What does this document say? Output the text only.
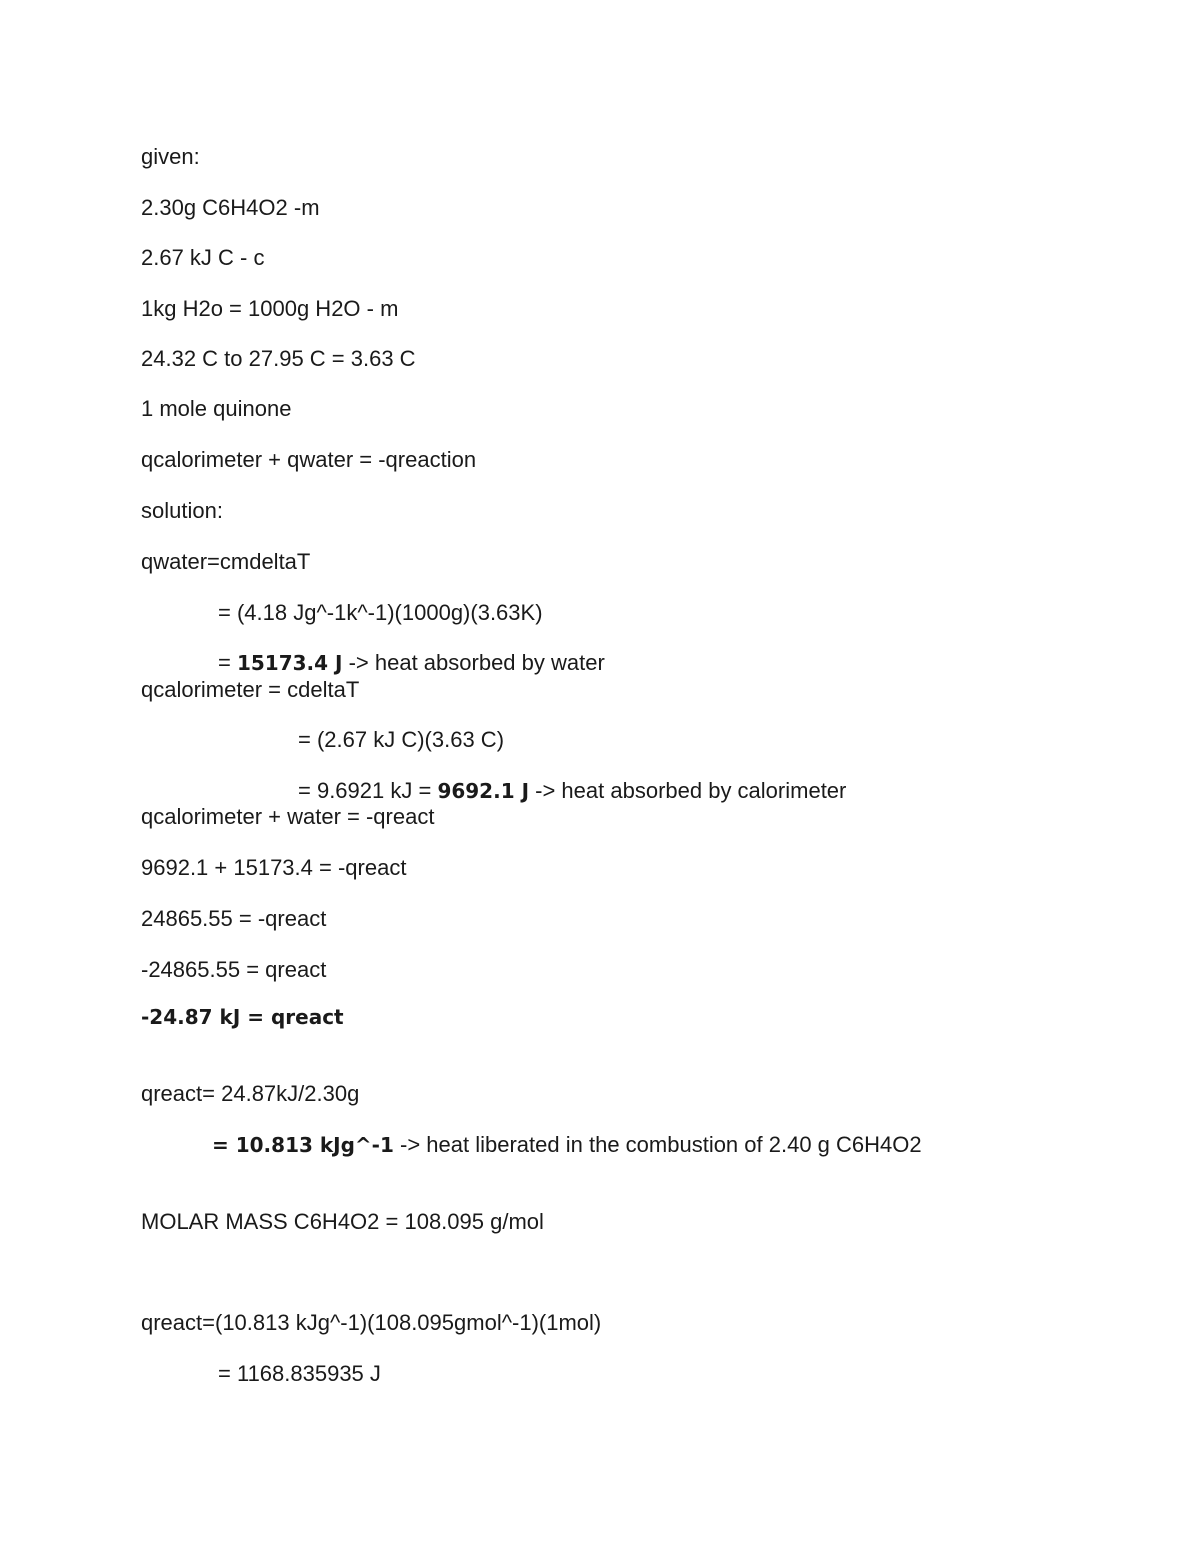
given:
2.30g C6H4O2 -m
2.67 kJ C - c
1kg H2o = 1000g H2O - m
24.32 C to 27.95 C = 3.63 C
1 mole quinone
qcalorimeter + qwater = -qreaction
solution:
qwater=cmdeltaT
= (4.18 Jg^-1k^-1)(1000g)(3.63K)
= 15173.4 J -> heat absorbed by water
qcalorimeter = cdeltaT
= (2.67 kJ C)(3.63 C)
= 9.6921 kJ = 9692.1 J -> heat absorbed by calorimeter
qcalorimeter + water = -qreact
9692.1 + 15173.4 = -qreact
24865.55 = -qreact
-24865.55 = qreact
-24.87 kJ = qreact
qreact= 24.87kJ/2.30g
= 10.813 kJg^-1 -> heat liberated in the combustion of 2.40 g C6H4O2
MOLAR MASS C6H4O2 = 108.095 g/mol
qreact=(10.813 kJg^-1)(108.095gmol^-1)(1mol)
= 1168.835935 J
